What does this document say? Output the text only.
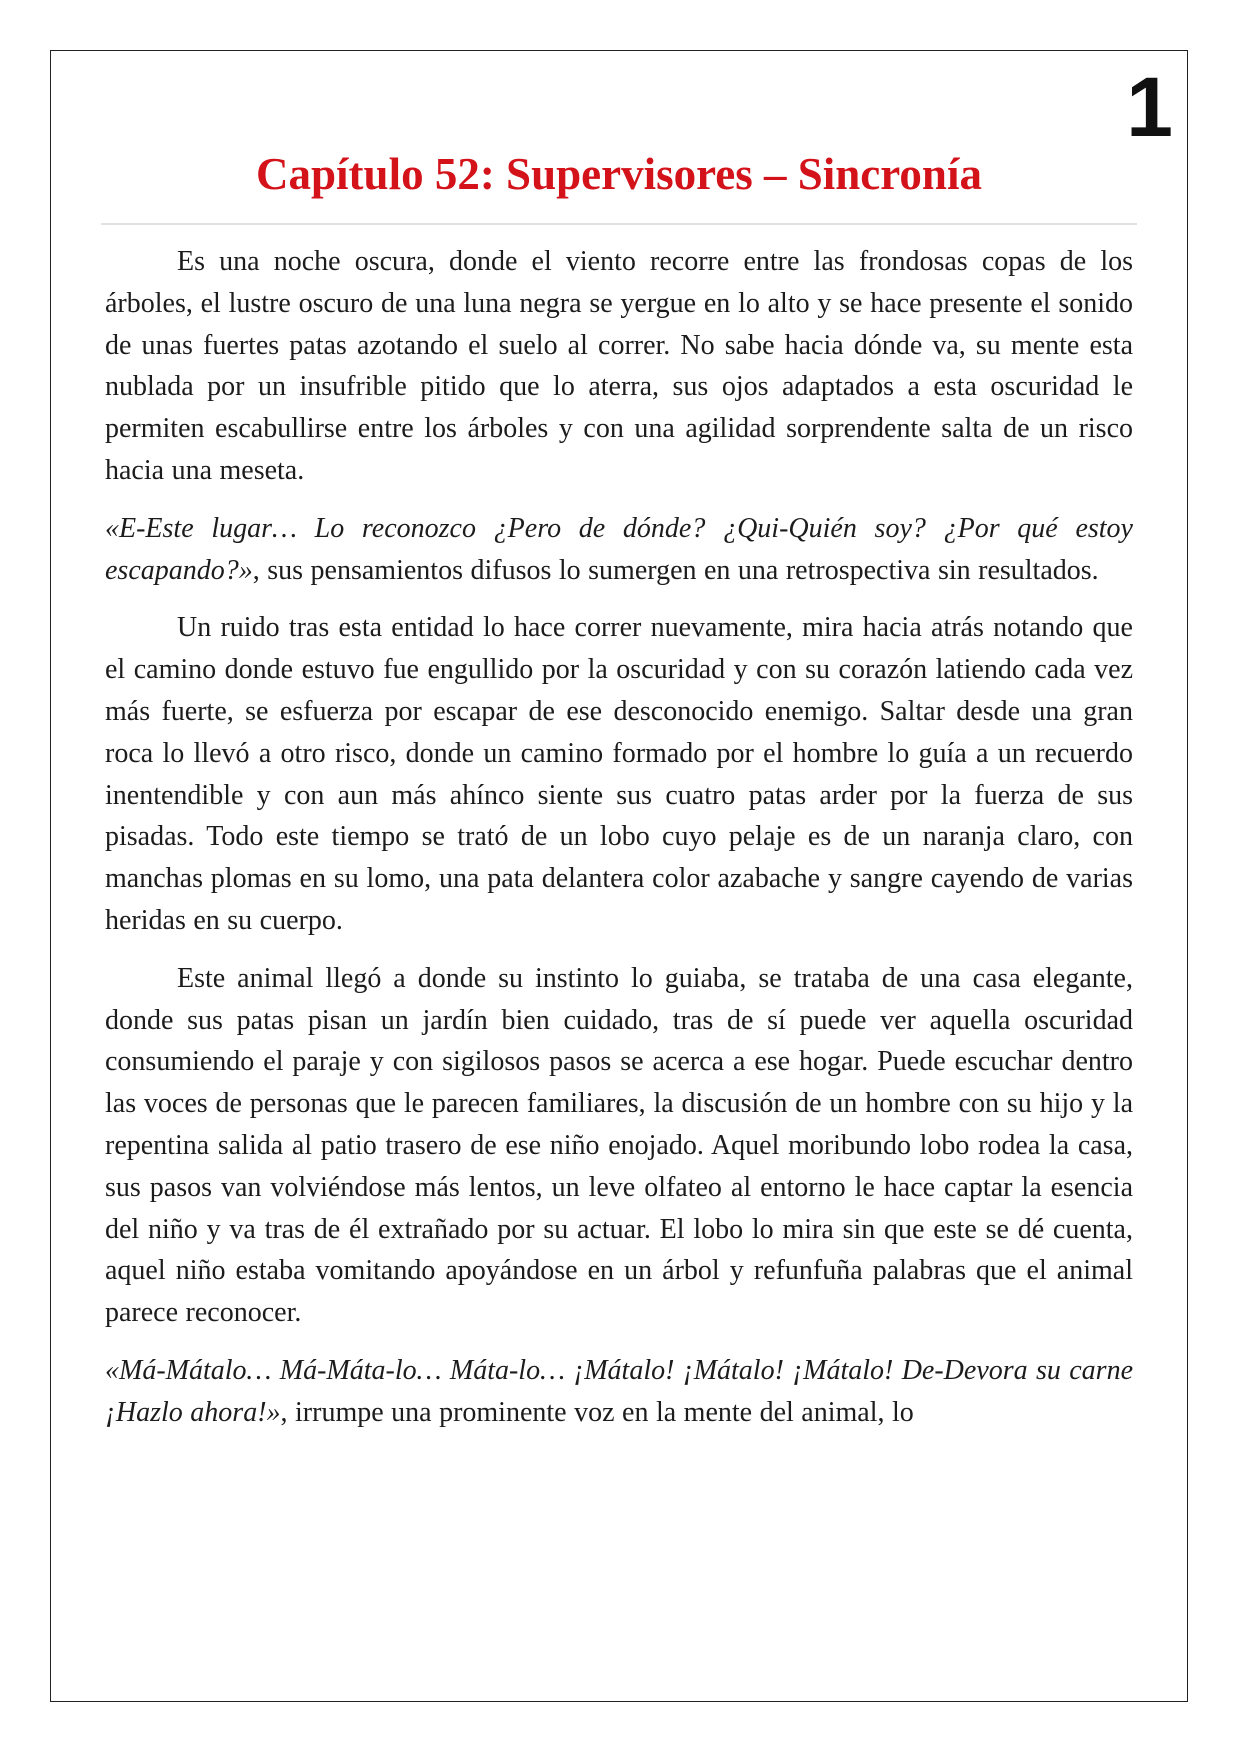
1
Capítulo 52: Supervisores – Sincronía

Es una noche oscura, donde el viento recorre entre las frondosas copas de los árboles, el lustre oscuro de una luna negra se yergue en lo alto y se hace presente el sonido de unas fuertes patas azotando el suelo al correr. No sabe hacia dónde va, su mente esta nublada por un insufrible pitido que lo aterra, sus ojos adaptados a esta oscuridad le permiten escabullirse entre los árboles y con una agilidad sorprendente salta de un risco hacia una meseta.

«E-Este lugar… Lo reconozco ¿Pero de dónde? ¿Qui-Quién soy? ¿Por qué estoy escapando?», sus pensamientos difusos lo sumergen en una retrospectiva sin resultados.

Un ruido tras esta entidad lo hace correr nuevamente, mira hacia atrás notando que el camino donde estuvo fue engullido por la oscuridad y con su corazón latiendo cada vez más fuerte, se esfuerza por escapar de ese desconocido enemigo. Saltar desde una gran roca lo llevó a otro risco, donde un camino formado por el hombre lo guía a un recuerdo inentendible y con aun más ahínco siente sus cuatro patas arder por la fuerza de sus pisadas. Todo este tiempo se trató de un lobo cuyo pelaje es de un naranja claro, con manchas plomas en su lomo, una pata delantera color azabache y sangre cayendo de varias heridas en su cuerpo.

Este animal llegó a donde su instinto lo guiaba, se trataba de una casa elegante, donde sus patas pisan un jardín bien cuidado, tras de sí puede ver aquella oscuridad consumiendo el paraje y con sigilosos pasos se acerca a ese hogar. Puede escuchar dentro las voces de personas que le parecen familiares, la discusión de un hombre con su hijo y la repentina salida al patio trasero de ese niño enojado. Aquel moribundo lobo rodea la casa, sus pasos van volviéndose más lentos, un leve olfateo al entorno le hace captar la esencia del niño y va tras de él extrañado por su actuar. El lobo lo mira sin que este se dé cuenta, aquel niño estaba vomitando apoyándose en un árbol y refunfuña palabras que el animal parece reconocer.

«Má-Mátalo… Má-Máta-lo… Máta-lo… ¡Mátalo! ¡Mátalo! ¡Mátalo! De-Devora su carne ¡Hazlo ahora!», irrumpe una prominente voz en la mente del animal, lo
